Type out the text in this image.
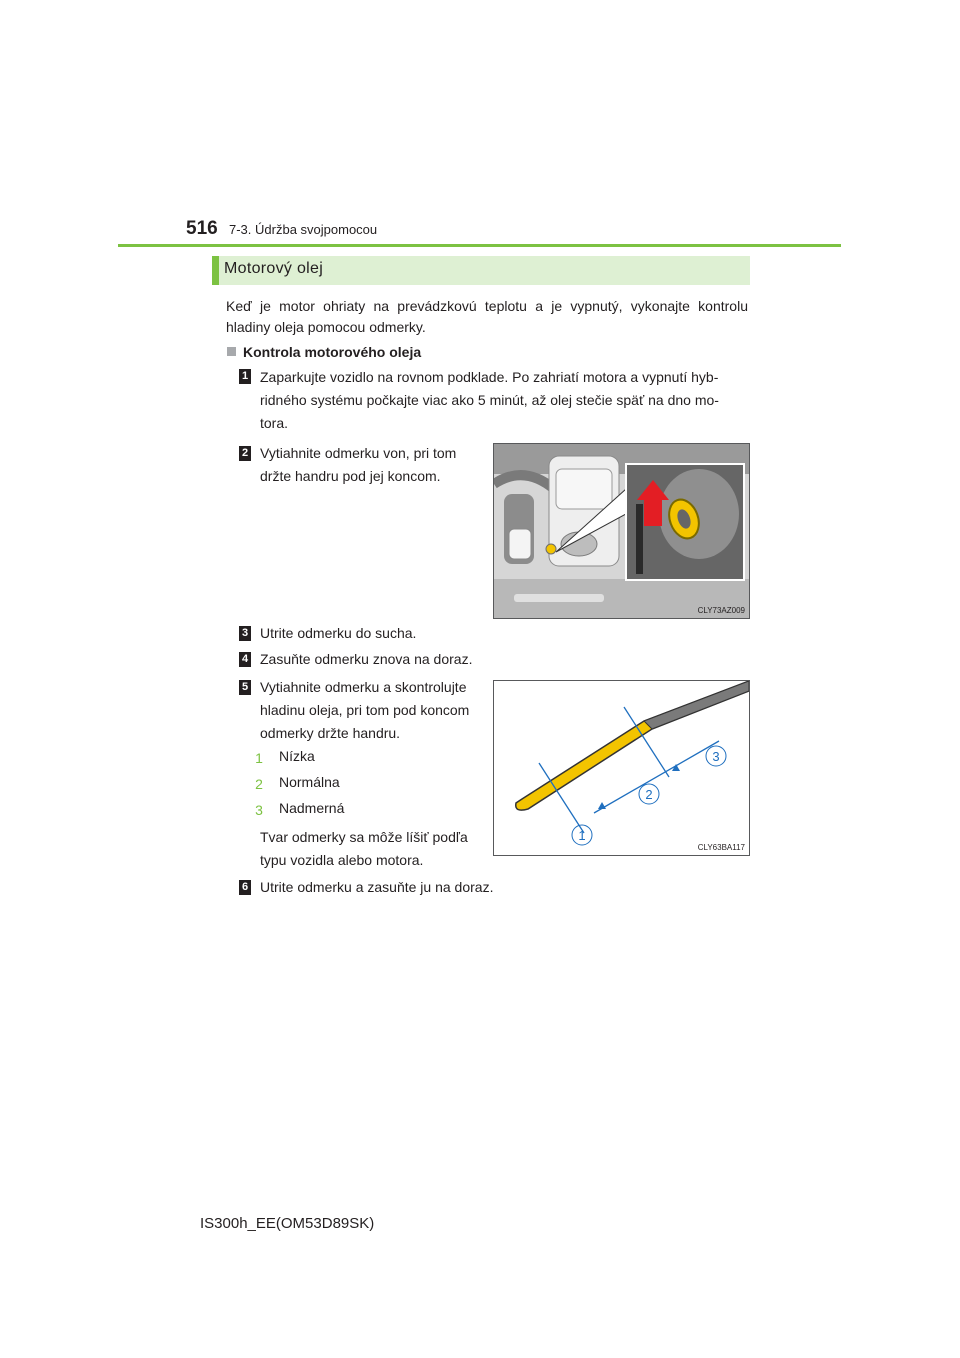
516 7-3. Údržba svojpomocou
Motorový olej
Keď je motor ohriaty na prevádzkovú teplotu a je vypnutý, vykonajte kontrolu hladiny oleja pomocou odmerky.
Kontrola motorového oleja
1 Zaparkujte vozidlo na rovnom podklade. Po zahriatí motora a vypnutí hyb-
ridného systému počkajte viac ako 5 minút, až olej stečie späť na dno mo-
tora.
2 Vytiahnite odmerku von, pri tom
držte handru pod jej koncom.
CLY73AZ009
3 Utrite odmerku do sucha.
4 Zasuňte odmerku znova na doraz.
5 Vytiahnite odmerku a skontrolujte
hladinu oleja, pri tom pod koncom
odmerky držte handru.
1 Nízka
2 Normálna
3 Nadmerná
Tvar odmerky sa môže líšiť podľa
typu vozidla alebo motora.
1
2
3
CLY63BA117
6 Utrite odmerku a zasuňte ju na doraz.
IS300h_EE(OM53D89SK)
